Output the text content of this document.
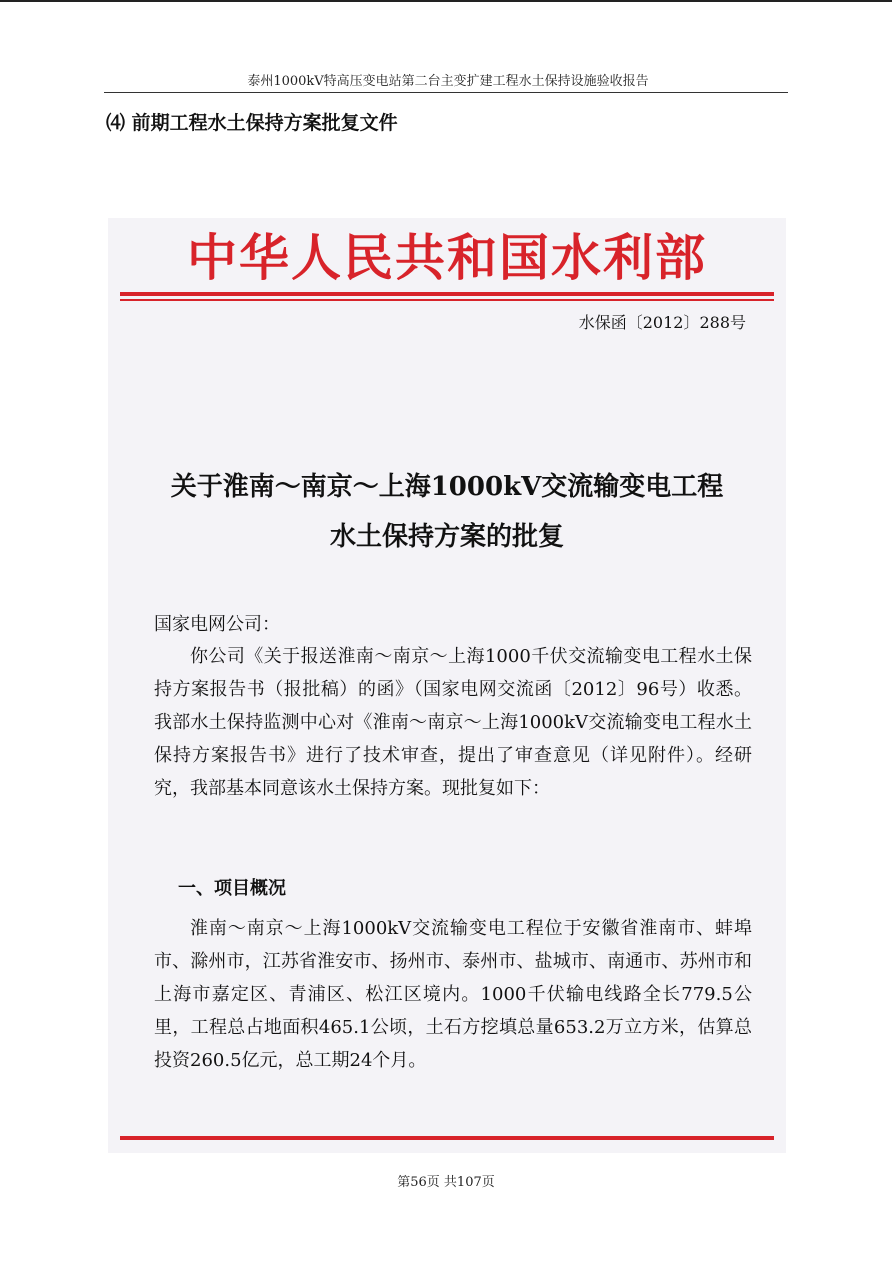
泰州1000kV特高压变电站第二台主变扩建工程水土保持设施验收报告
⑷ 前期工程水土保持方案批复文件
中华人民共和国水利部
水保函〔2012〕288号
关于淮南～南京～上海1000kV交流输变电工程
水土保持方案的批复
国家电网公司：
你公司《关于报送淮南～南京～上海1000千伏交流输变电工程水土保持方案报告书（报批稿）的函》（国家电网交流函〔2012〕96号）收悉。我部水土保持监测中心对《淮南～南京～上海1000kV交流输变电工程水土保持方案报告书》进行了技术审查，提出了审查意见（详见附件）。经研究，我部基本同意该水土保持方案。现批复如下：
一、项目概况
淮南～南京～上海1000kV交流输变电工程位于安徽省淮南市、蚌埠市、滁州市，江苏省淮安市、扬州市、泰州市、盐城市、南通市、苏州市和上海市嘉定区、青浦区、松江区境内。1000千伏输电线路全长779.5公里，工程总占地面积465.1公顷，土石方挖填总量653.2万立方米，估算总投资260.5亿元，总工期24个月。
第56页 共107页
